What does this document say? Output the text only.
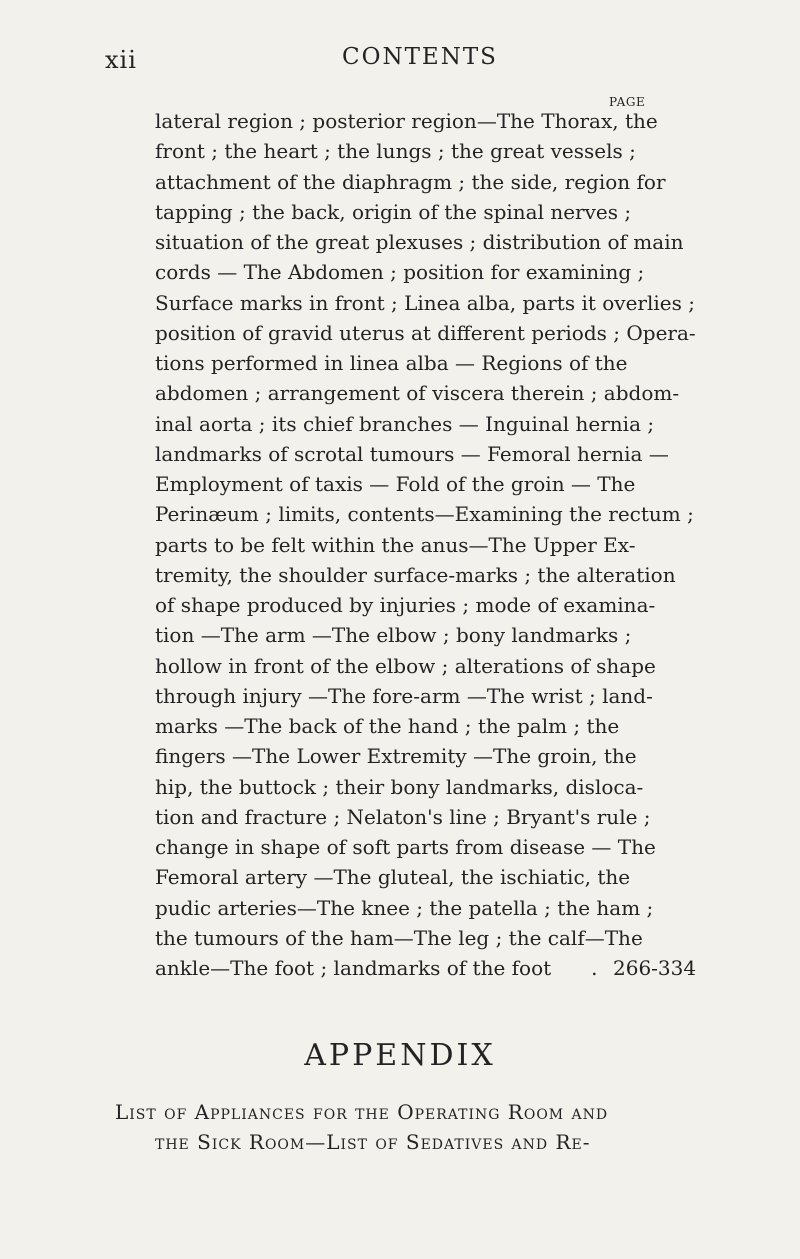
xii	CONTENTS
PAGE
lateral region ; posterior region—The Thorax, the
front ; the heart ; the lungs ; the great vessels ;
attachment of the diaphragm ; the side, region for
tapping ; the back, origin of the spinal nerves ;
situation of the great plexuses ; distribution of main
cords — The Abdomen ; position for examining ;
Surface marks in front ; Linea alba, parts it overlies ;
position of gravid uterus at different periods ; Opera-
tions performed in linea alba — Regions of the
abdomen ; arrangement of viscera therein ; abdom-
inal aorta ; its chief branches — Inguinal hernia ;
landmarks of scrotal tumours — Femoral hernia —
Employment of taxis — Fold of the groin — The
Perinæum ; limits, contents—Examining the rectum ;
parts to be felt within the anus—The Upper Ex-
tremity, the shoulder surface-marks ; the alteration
of shape produced by injuries ; mode of examina-
tion —The arm —The elbow ; bony landmarks ;
hollow in front of the elbow ; alterations of shape
through injury —The fore-arm —The wrist ; land-
marks —The back of the hand ; the palm ; the
fingers —The Lower Extremity —The groin, the
hip, the buttock ; their bony landmarks, disloca-
tion and fracture ; Nelaton's line ; Bryant's rule ;
change in shape of soft parts from disease — The
Femoral artery —The gluteal, the ischiatic, the
pudic arteries—The knee ; the patella ; the ham ;
the tumours of the ham—The leg ; the calf—The
ankle—The foot ; landmarks of the foot . 266-334
APPENDIX
List of Appliances for the Operating Room and
the Sick Room—List of Sedatives and Re-
